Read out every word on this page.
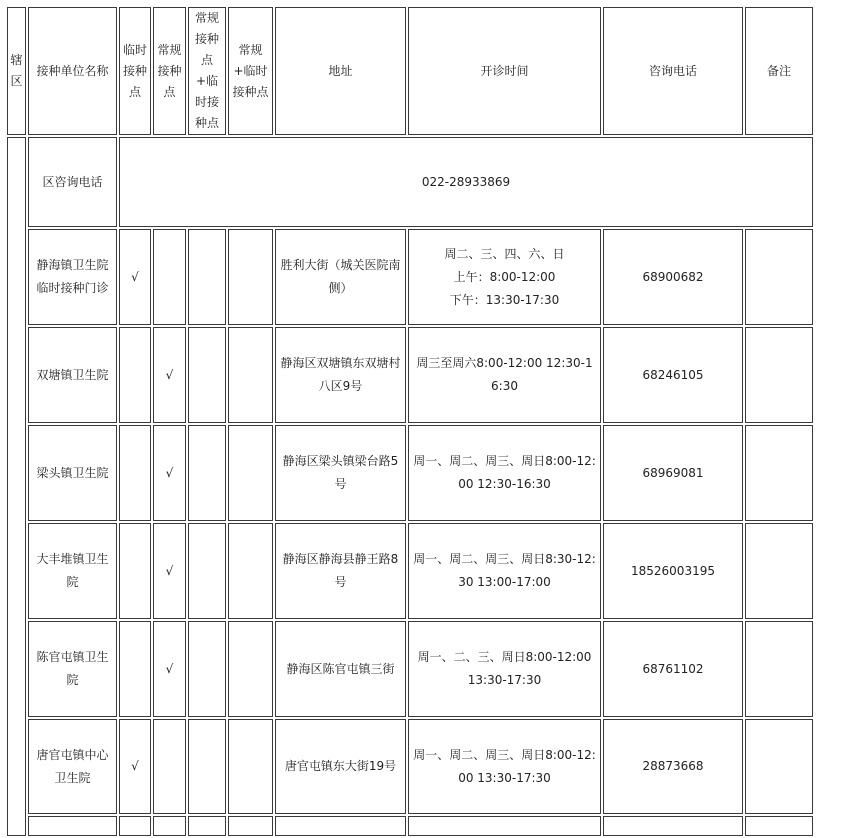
辖区	接种单位名称	临时接种点	常规接种点	常规接种点+临时接种点	常规+临时接种点	地址	开诊时间	咨询电话	备注
	区咨询电话	022-28933869							
	静海镇卫生院临时接种门诊	√				胜利大街（城关医院南侧）	周二、三、四、六、日
上午：8:00-12:00
下午：13:30-17:30	68900682	
	双塘镇卫生院		√			静海区双塘镇东双塘村八区9号	周三至周六8:00-12:00 12:30-16:30	68246105	
	梁头镇卫生院		√			静海区梁头镇梁台路5号	周一、周二、周三、周日8:00-12:00 12:30-16:30	68969081	
	大丰堆镇卫生院		√			静海区静海县静王路8号	周一、周二、周三、周日8:30-12:30 13:00-17:00	18526003195	
	陈官屯镇卫生院		√			静海区陈官屯镇三街	周一、二、三、周日8:00-12:00
13:30-17:30	68761102	
	唐官屯镇中心卫生院	√				唐官屯镇东大街19号	周一、周二、周三、周日8:00-12:00 13:30-17:30	28873668	
